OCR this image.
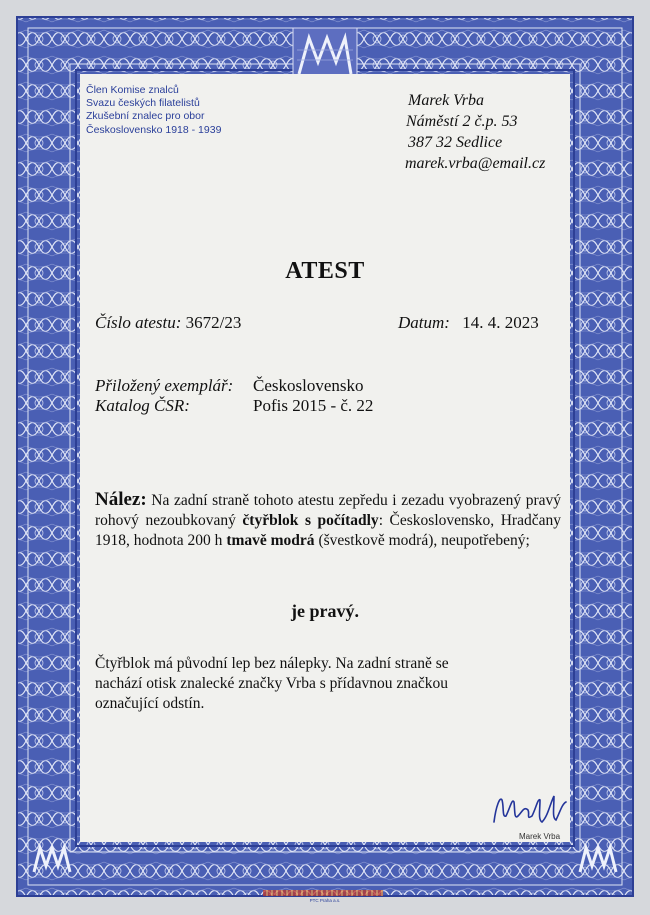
Člen Komise znalců
Svazu českých filatelistů
Zkušební znalec pro obor
Československo 1918 - 1939
Marek Vrba
Náměstí 2 č.p. 53
387 32 Sedlice
marek.vrba@email.cz
ATEST
Číslo atestu: 3672/23	Datum: 14. 4. 2023
Přiložený exemplář: Československo
Katalog ČSR:	Pofis 2015 - č. 22
Nález: Na zadní straně tohoto atestu zepředu i zezadu vyobrazený pravý rohový nezoubkovaný čtyřblok s počítadly: Československo, Hradčany 1918, hodnota 200 h tmavě modrá (švestkově modrá), neupotřebený;
je pravý.
Čtyřblok má původní lep bez nálepky. Na zadní straně se
nachází otisk znalecké značky Vrba s přídavnou značkou
označující odstín.
Marek Vrba
PTC Praha a.s.
